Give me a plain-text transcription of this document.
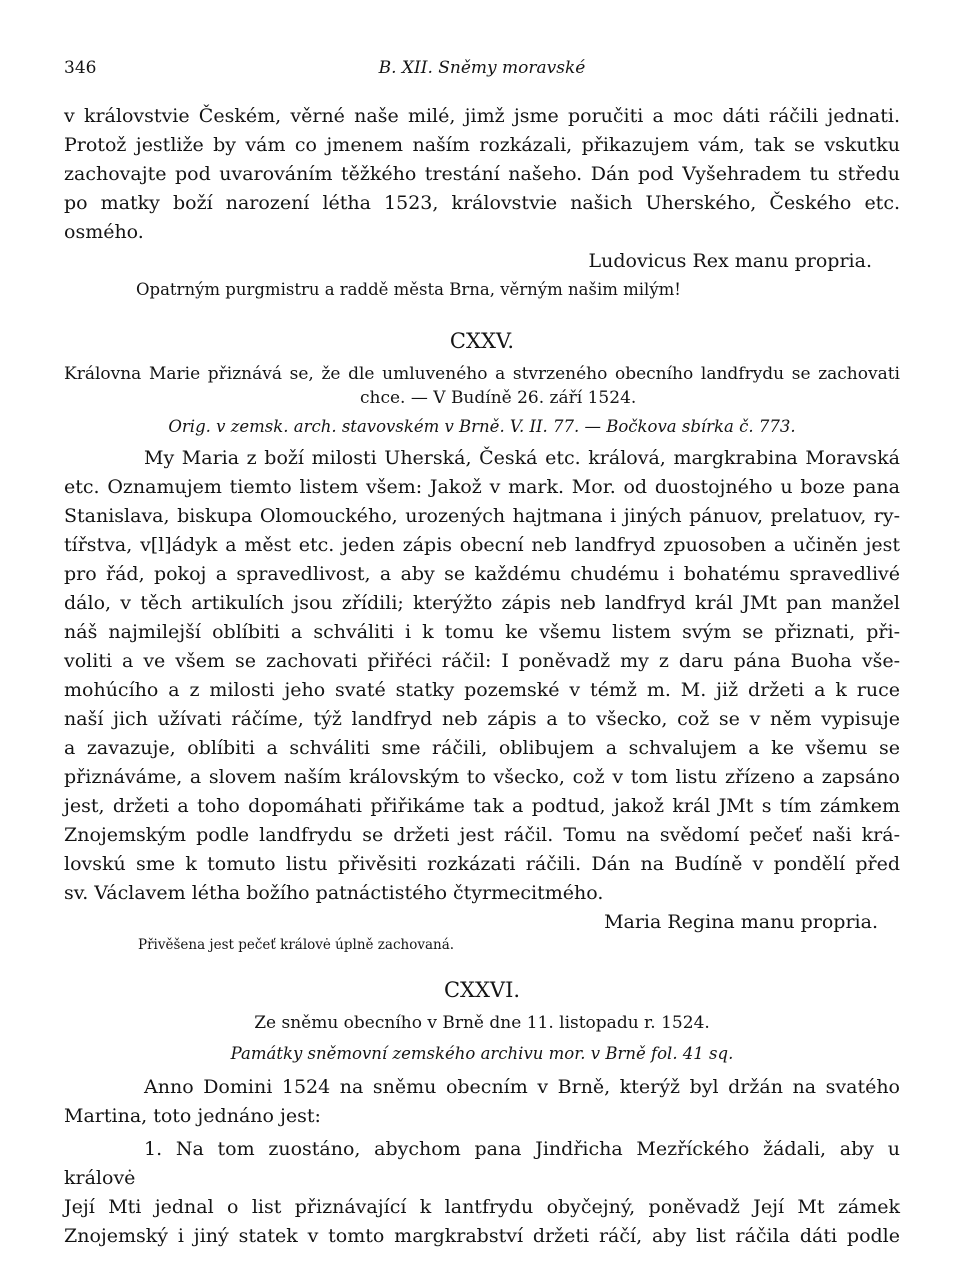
346	B. XII. Sněmy moravské

v královstvie Českém, věrné naše milé, jimž jsme poručiti a moc dáti ráčili jednati.

Protož jestliže by vám co jmenem naším rozkázali, přikazujem vám, tak se vskutku

zachovajte pod uvarováním těžkého trestání našeho. Dán pod Vyšehradem tu středu

po matky boží narození létha 1523, královstvie našich Uherského, Českého etc. osmého.

Ludovicus Rex manu propria.

Opatrným purgmistru a raddě města Brna, věrným našim milým!

CXXV.

Královna Marie přiznává se, že dle umluveného a stvrzeného obecního landfrydu se zachovati

chce. — V Budíně 26. září 1524.

Orig. v zemsk. arch. stavovském v Brně. V. II. 77. — Bočkova sbírka č. 773.

My Maria z boží milosti Uherská, Česká etc. králová, margkrabina Moravská

etc. Oznamujem tiemto listem všem: Jakož v mark. Mor. od duostojného u boze pana

Stanislava, biskupa Olomouckého, urozených hajtmana i jiných pánuov, prelatuov, ry-

tířstva, v[l]ádyk a měst etc. jeden zápis obecní neb landfryd zpuosoben a učiněn jest

pro řád, pokoj a spravedlivost, a aby se každému chudému i bohatému spravedlivé

dálo, v těch artikulích jsou zřídili; kterýžto zápis neb landfryd král JMt pan manžel

náš najmilejší oblíbiti a schváliti i k tomu ke všemu listem svým se přiznati, při-

voliti a ve všem se zachovati přiřéci ráčil: I poněvadž my z daru pána Buoha vše-

mohúcího a z milosti jeho svaté statky pozemské v témž m. M. již držeti a k ruce

naší jich užívati ráčíme, týž landfryd neb zápis a to všecko, což se v něm vypisuje

a zavazuje, oblíbiti a schváliti sme ráčili, oblibujem a schvalujem a ke všemu se

přiznáváme, a slovem naším královským to všecko, což v tom listu zřízeno a zapsáno

jest, držeti a toho dopomáhati přiřikáme tak a podtud, jakož král JMt s tím zámkem

Znojemským podle landfrydu se držeti jest ráčil. Tomu na svědomí pečeť naši krá-

lovskú sme k tomuto listu přivěsiti rozkázati ráčili. Dán na Budíně v pondělí před

sv. Václavem létha božího patnáctistého čtyrmecitmého.

Maria Regina manu propria.

Přivěšena jest pečeť královė úplně zachovaná.

CXXVI.

Ze sněmu obecního v Brně dne 11. listopadu r. 1524.

Památky sněmovní zemského archivu mor. v Brně fol. 41 sq.

Anno Domini 1524 na sněmu obecním v Brně, kterýž byl držán na svatého

Martina, toto jednáno jest:

1. Na tom zuostáno, abychom pana Jindřicha Mezříckého žádali, aby u královė

Její Mti jednal o list přiznávající k lantfrydu obyčejný, poněvadž Její Mt zámek

Znojemský i jiný statek v tomto margkrabství držeti ráčí, aby list ráčila dáti podle
